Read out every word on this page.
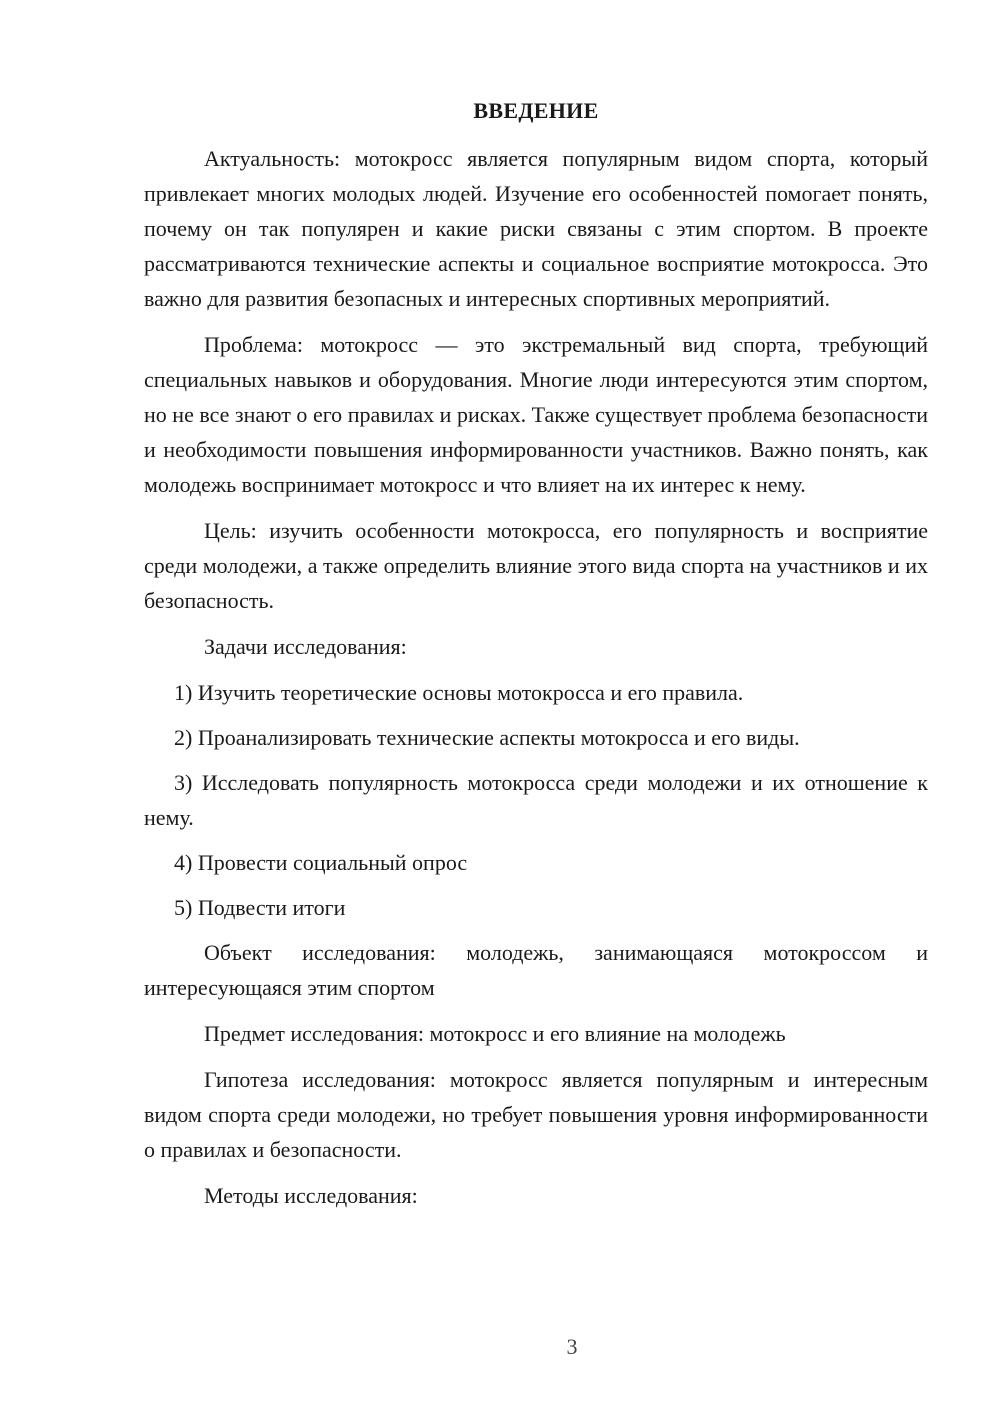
ВВЕДЕНИЕ

Актуальность: мотокросс является популярным видом спорта, который привлекает многих молодых людей. Изучение его особенностей помогает понять, почему он так популярен и какие риски связаны с этим спортом. В проекте рассматриваются технические аспекты и социальное восприятие мотокросса. Это важно для развития безопасных и интересных спортивных мероприятий.

Проблема: мотокросс — это экстремальный вид спорта, требующий специальных навыков и оборудования. Многие люди интересуются этим спортом, но не все знают о его правилах и рисках. Также существует проблема безопасности и необходимости повышения информированности участников. Важно понять, как молодежь воспринимает мотокросс и что влияет на их интерес к нему.

Цель: изучить особенности мотокросса, его популярность и восприятие среди молодежи, а также определить влияние этого вида спорта на участников и их безопасность.

Задачи исследования:

1) Изучить теоретические основы мотокросса и его правила.

2) Проанализировать технические аспекты мотокросса и его виды.

3) Исследовать популярность мотокросса среди молодежи и их отношение к нему.

4) Провести социальный опрос

5) Подвести итоги

Объект исследования: молодежь, занимающаяся мотокроссом и интересующаяся этим спортом

Предмет исследования: мотокросс и его влияние на молодежь

Гипотеза исследования: мотокросс является популярным и интересным видом спорта среди молодежи, но требует повышения уровня информированности о правилах и безопасности.

Методы исследования:

3
